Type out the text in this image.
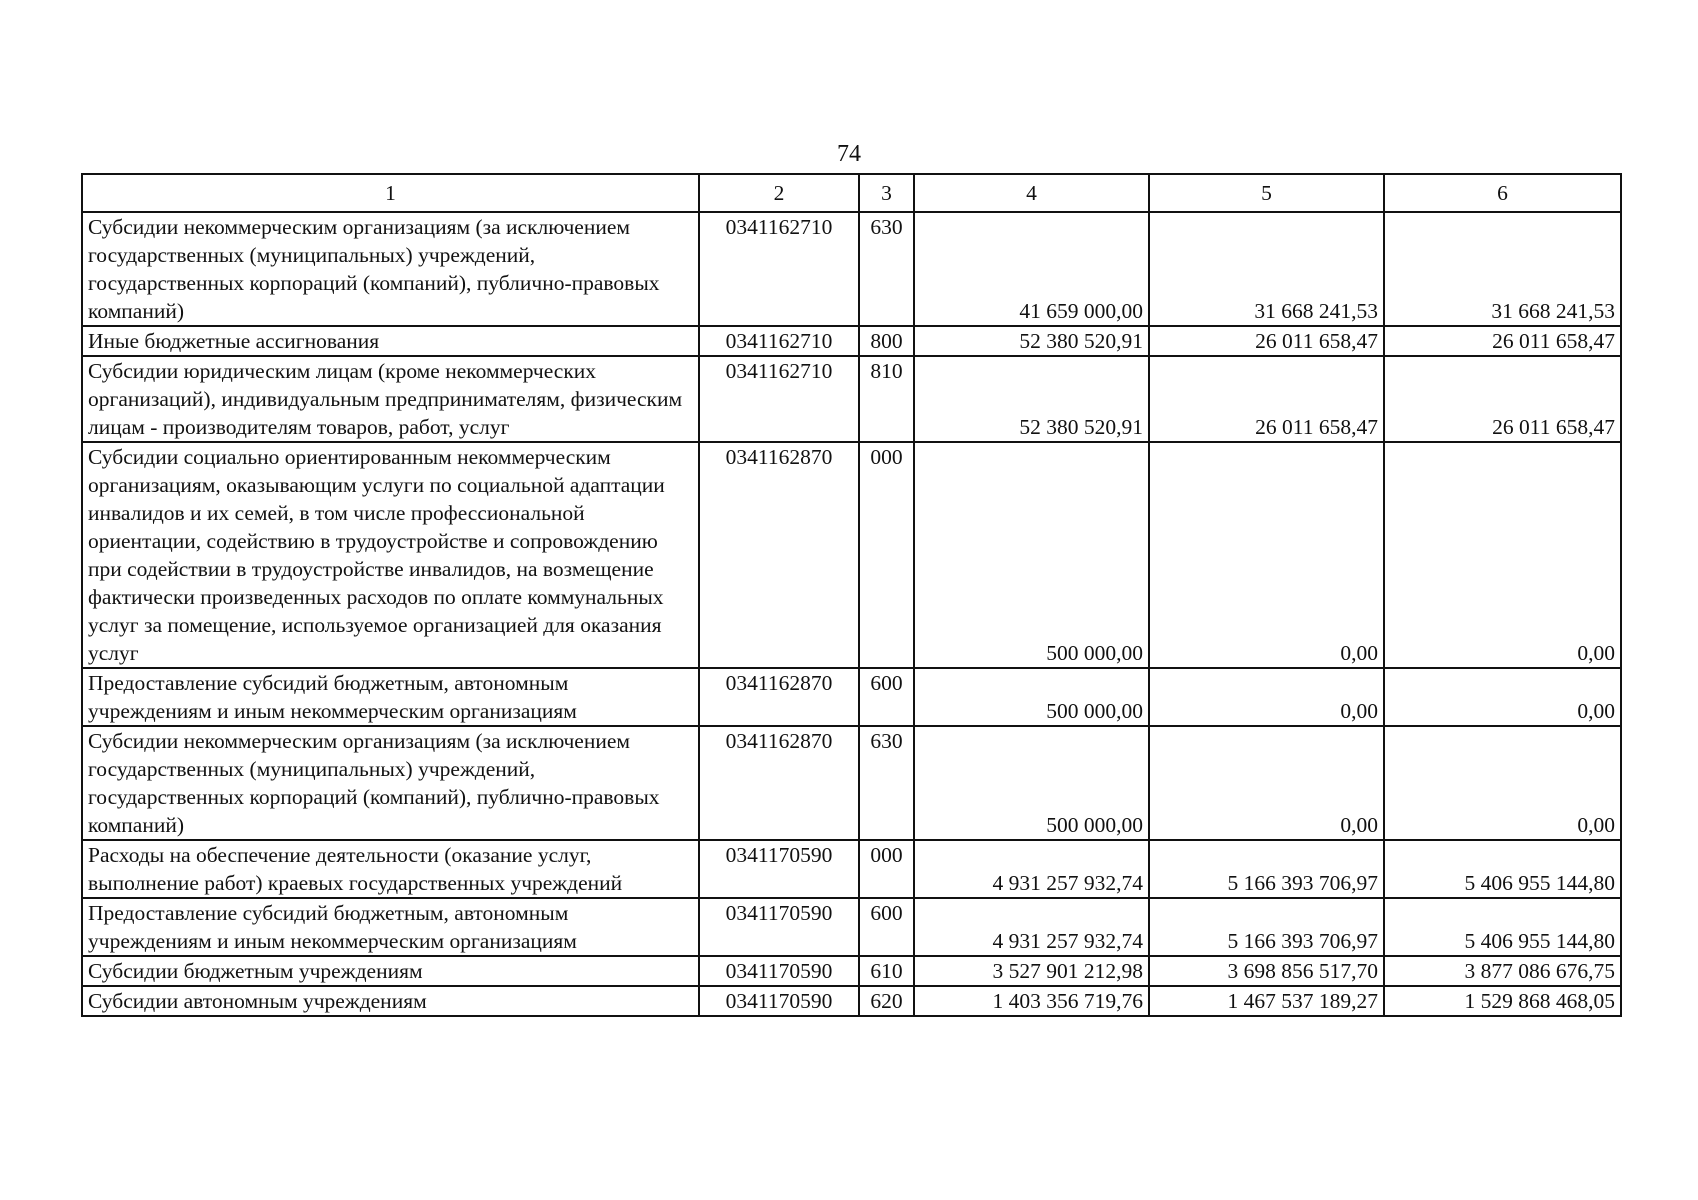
74
1	2	3	4	5	6
Субсидии некоммерческим организациям (за исключением государственных (муниципальных) учреждений, государственных корпораций (компаний), публично-правовых компаний)	0341162710	630	41 659 000,00	31 668 241,53	31 668 241,53
Иные бюджетные ассигнования	0341162710	800	52 380 520,91	26 011 658,47	26 011 658,47
Субсидии юридическим лицам (кроме некоммерческих организаций), индивидуальным предпринимателям, физическим лицам - производителям товаров, работ, услуг	0341162710	810	52 380 520,91	26 011 658,47	26 011 658,47
Субсидии социально ориентированным некоммерческим организациям, оказывающим услуги по социальной адаптации инвалидов и их семей, в том числе профессиональной ориентации, содействию в трудоустройстве и сопровождению при содействии в трудоустройстве инвалидов, на возмещение фактически произведенных расходов по оплате коммунальных услуг за помещение, используемое организацией для оказания услуг	0341162870	000	500 000,00	0,00	0,00
Предоставление субсидий бюджетным, автономным учреждениям и иным некоммерческим организациям	0341162870	600	500 000,00	0,00	0,00
Субсидии некоммерческим организациям (за исключением государственных (муниципальных) учреждений, государственных корпораций (компаний), публично-правовых компаний)	0341162870	630	500 000,00	0,00	0,00
Расходы на обеспечение деятельности (оказание услуг, выполнение работ) краевых государственных учреждений	0341170590	000	4 931 257 932,74	5 166 393 706,97	5 406 955 144,80
Предоставление субсидий бюджетным, автономным учреждениям и иным некоммерческим организациям	0341170590	600	4 931 257 932,74	5 166 393 706,97	5 406 955 144,80
Субсидии бюджетным учреждениям	0341170590	610	3 527 901 212,98	3 698 856 517,70	3 877 086 676,75
Субсидии автономным учреждениям	0341170590	620	1 403 356 719,76	1 467 537 189,27	1 529 868 468,05
